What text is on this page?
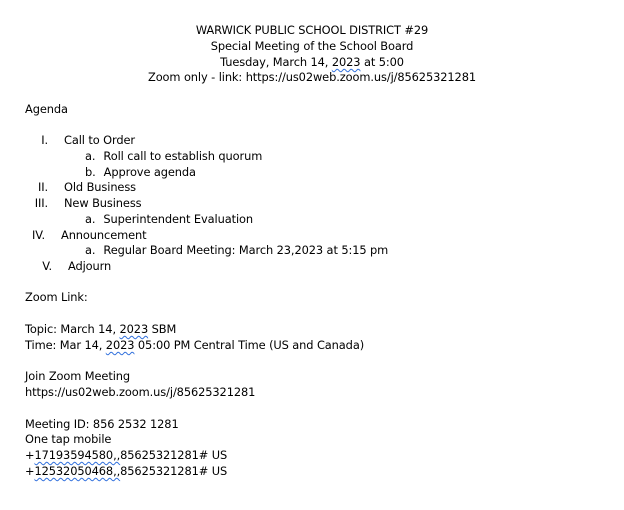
WARWICK PUBLIC SCHOOL DISTRICT #29
Special Meeting of the School Board
Tuesday, March 14, 2023 at 5:00
Zoom only - link: https://us02web.zoom.us/j/85625321281
Agenda
I. Call to Order
a. Roll call to establish quorum
b. Approve agenda
II. Old Business
III. New Business
a. Superintendent Evaluation
IV. Announcement
a. Regular Board Meeting: March 23,2023 at 5:15 pm
V. Adjourn
Zoom Link:
Topic: March 14, 2023 SBM
Time: Mar 14, 2023 05:00 PM Central Time (US and Canada)
Join Zoom Meeting
https://us02web.zoom.us/j/85625321281
Meeting ID: 856 2532 1281
One tap mobile
+17193594580,,85625321281# US
+12532050468,,85625321281# US
